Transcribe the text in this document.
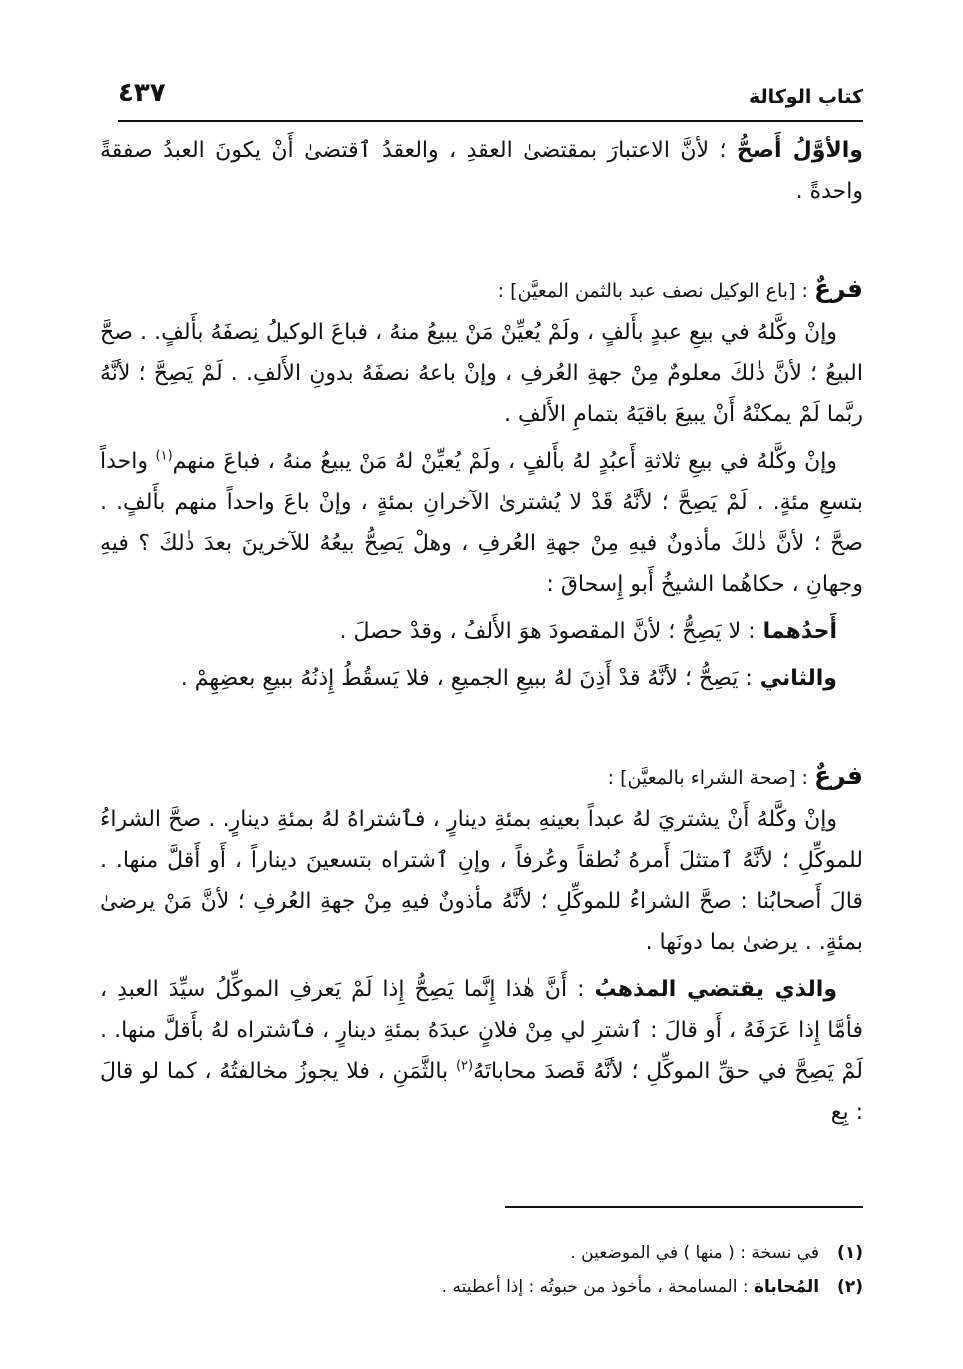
كتاب الوكالة
٤٣٧

والأوَّلُ أَصحُّ ؛ لأنَّ الاعتبارَ بمقتضىٰ العقدِ ، والعقدُ ٱقتضىٰ أَنْ يكونَ العبدُ صفقةً واحدةً .

فرعٌ : [باع الوكيل نصف عبد بالثمن المعيَّن] :

وإنْ وكَّلهُ في بيعِ عبدٍ بأَلفٍ ، ولَمْ يُعيِّنْ مَنْ يبيعُ منهُ ، فباعَ الوكيلُ نِصفَهُ بأَلفٍ. . صحَّ البيعُ ؛ لأنَّ ذٰلكَ معلومٌ مِنْ جهةِ العُرفِ ، وإنْ باعهُ نصفَهُ بدونِ الأَلفِ. . لَمْ يَصِحَّ ؛ لأنَّهُ ربَّما لَمْ يمكنْهُ أَنْ يبيعَ باقيَهُ بتمامِ الأَلفِ .

وإنْ وكَّلهُ في بيعِ ثلاثةِ أَعبُدٍ لهُ بأَلفٍ ، ولَمْ يُعيِّنْ لهُ مَنْ يبيعُ منهُ ، فباعَ منهم$^{(١)}$ واحداً بتسعِ مئةٍ. . لَمْ يَصِحَّ ؛ لأنَّهُ قَدْ لا يُشترىٰ الآخرانِ بمئةٍ ، وإنْ باعَ واحداً منهم بأَلفٍ. . صحَّ ؛ لأنَّ ذٰلكَ مأذونٌ فيهِ مِنْ جهةِ العُرفِ ، وهلْ يَصِحُّ بيعُهُ للآخرينَ بعدَ ذٰلكَ ؟ فيهِ وجهانِ ، حكاهُما الشيخُ أَبو إِسحاقَ :

أَحدُهما : لا يَصِحُّ ؛ لأنَّ المقصودَ هوَ الأَلفُ ، وقدْ حصلَ .

والثاني : يَصِحُّ ؛ لأنَّهُ قدْ أَذِنَ لهُ ببيعِ الجميعِ ، فلا يَسقُطُ إِذنُهُ ببيعِ بعضِهِمْ .

فرعٌ : [صحة الشراء بالمعيَّن] :

وإنْ وكَّلهُ أَنْ يشتريَ لهُ عبداً بعينهِ بمئةِ دينارٍ ، فٱشتراهُ لهُ بمئةِ دينارٍ. . صحَّ الشراءُ للموكِّلِ ؛ لأنَّهُ ٱمتثلَ أَمرهُ نُطقاً وعُرفاً ، وإنِ ٱشتراه بتسعينَ ديناراً ، أَو أَقلَّ منها. . قالَ أَصحابُنا : صحَّ الشراءُ للموكِّلِ ؛ لأنَّهُ مأذونٌ فيهِ مِنْ جهةِ العُرفِ ؛ لأنَّ مَنْ يرضىٰ بمئةٍ. . يرضىٰ بما دونَها .

والذي يقتضي المذهبُ : أَنَّ هٰذا إِنَّما يَصِحُّ إِذا لَمْ يَعرفِ الموكِّلُ سيِّدَ العبدِ ، فأمَّا إِذا عَرَفَهُ ، أَو قالَ : ٱشترِ لي مِنْ فلانٍ عبدَهُ بمئةِ دينارٍ ، فٱشتراه لهُ بأَقلَّ منها. . لَمْ يَصِحَّ في حقِّ الموكِّلِ ؛ لأنَّهُ قَصدَ محاباتَهُ$^{(٢)}$ بالثَّمَنِ ، فلا يجوزُ مخالفتُهُ ، كما لو قالَ : بِع

(١)
في نسخة : ( منها ) في الموضعين .
(٢)
المُحاباة : المسامحة ، مأخوذ من حبوتُه : إذا أعطيته .
